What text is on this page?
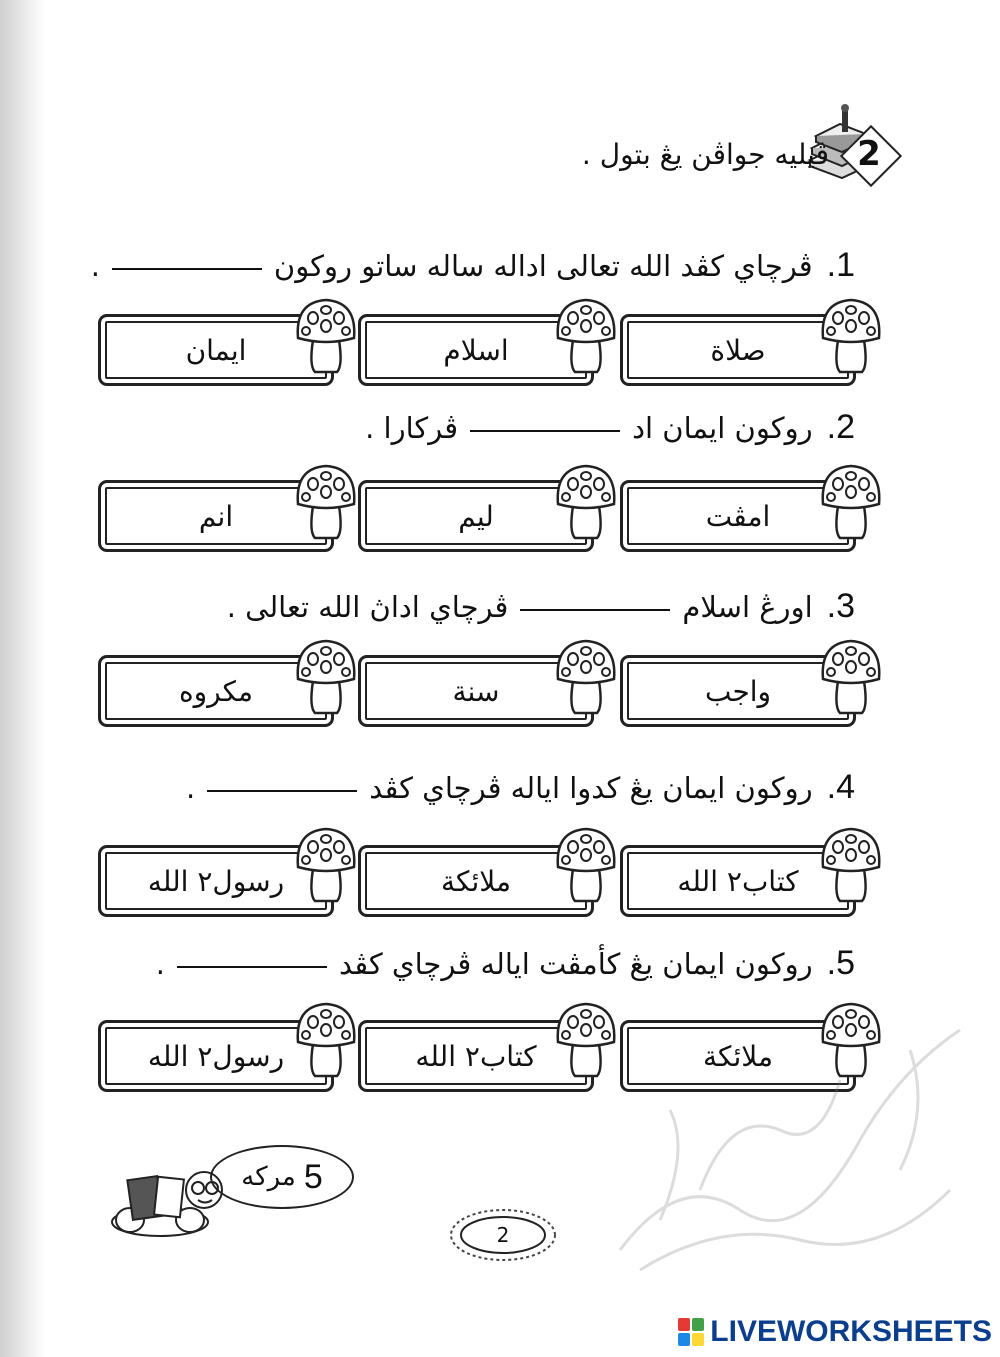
2
ڤيليه جواڤن يڠ بتول .
1.ڤرچاي كڤد الله تعالى اداله ساله ساتو روكون.
2.روكون ايمان ادڤركارا .
3.اورڠ اسلامڤرچاي اداڽ الله تعالى .
4.روكون ايمان يڠ كدوا اياله ڤرچاي كڤد.
5.روكون ايمان يڠ كأمڤت اياله ڤرچاي كڤد.
صلاة
اسلام
ايمان
امڤت
ليم
انم
واجب
سنة
مكروه
كتاب٢ الله
ملائكة
رسول٢ الله
ملائكة
كتاب٢ الله
رسول٢ الله
5
مركه
2
LIVEWORKSHEETS
